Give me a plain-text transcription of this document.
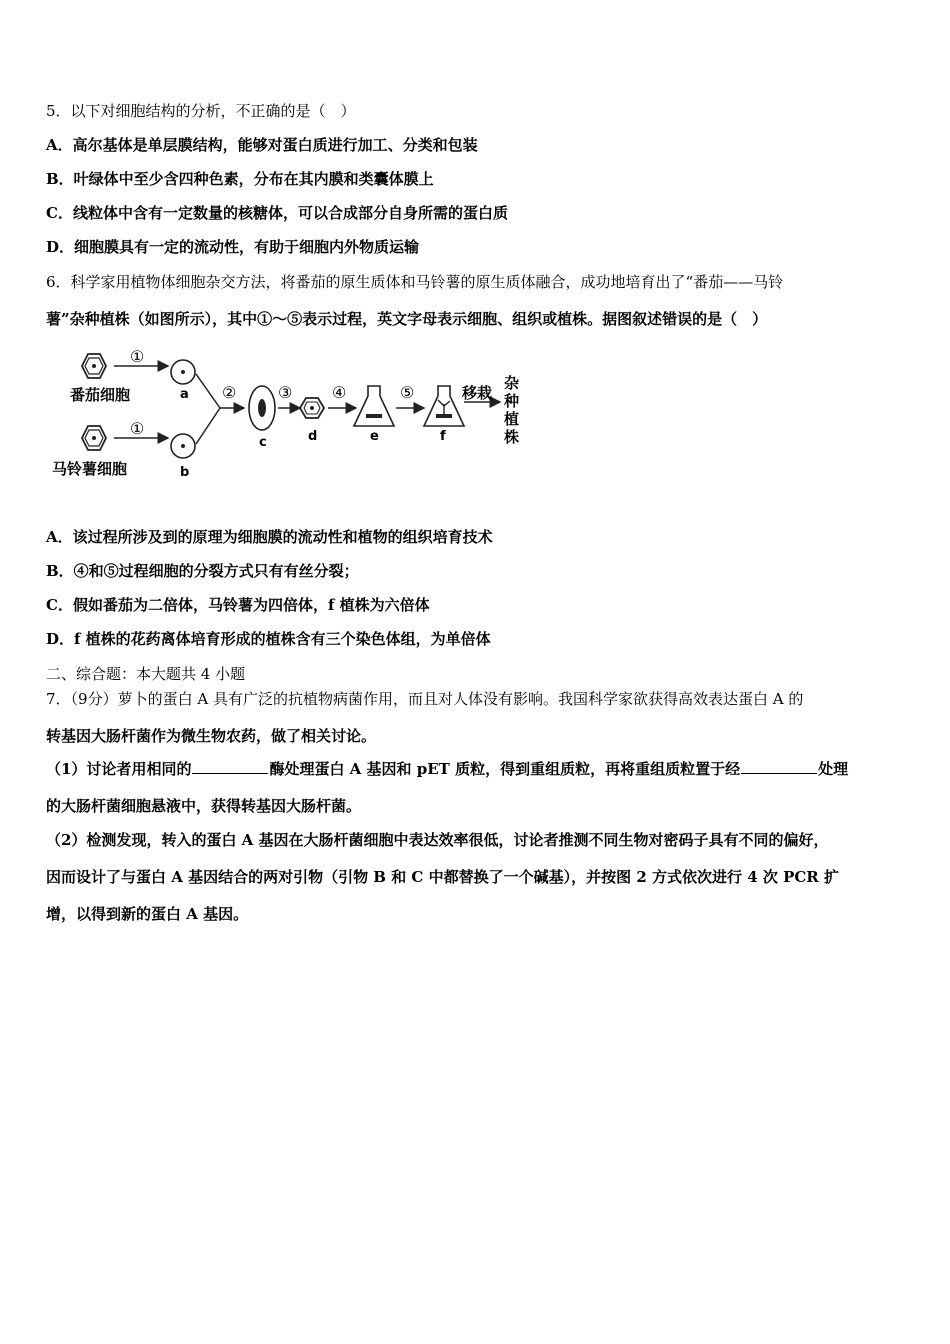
5．以下对细胞结构的分析，不正确的是（　）
A．高尔基体是单层膜结构，能够对蛋白质进行加工、分类和包装
B．叶绿体中至少含四种色素，分布在其内膜和类囊体膜上
C．线粒体中含有一定数量的核糖体，可以合成部分自身所需的蛋白质
D．细胞膜具有一定的流动性，有助于细胞内外物质运输
6．科学家用植物体细胞杂交方法，将番茄的原生质体和马铃薯的原生质体融合，成功地培育出了“番茄——马铃
薯”杂种植株（如图所示），其中①～⑤表示过程，英文字母表示细胞、组织或植株。据图叙述错误的是（　）
番茄细胞
①
a
马铃薯细胞
①
b
②
c
③
d
④
e
⑤
f
移栽
杂
种
植
株
A．该过程所涉及到的原理为细胞膜的流动性和植物的组织培育技术
B．④和⑤过程细胞的分裂方式只有有丝分裂；
C．假如番茄为二倍体，马铃薯为四倍体，f 植株为六倍体
D．f 植株的花药离体培育形成的植株含有三个染色体组，为单倍体
二、综合题：本大题共 4 小题
7．（9分）萝卜的蛋白 A 具有广泛的抗植物病菌作用，而且对人体没有影响。我国科学家欲获得高效表达蛋白 A 的
转基因大肠杆菌作为微生物农药，做了相关讨论。
（1）讨论者用相同的	酶处理蛋白 A 基因和 pET 质粒，得到重组质粒，再将重组质粒置于经	处理
的大肠杆菌细胞悬液中，获得转基因大肠杆菌。
（2）检测发现，转入的蛋白 A 基因在大肠杆菌细胞中表达效率很低，讨论者推测不同生物对密码子具有不同的偏好，
因而设计了与蛋白 A 基因结合的两对引物（引物 B 和 C 中都替换了一个碱基），并按图 2 方式依次进行 4 次 PCR 扩
增，以得到新的蛋白 A 基因。
